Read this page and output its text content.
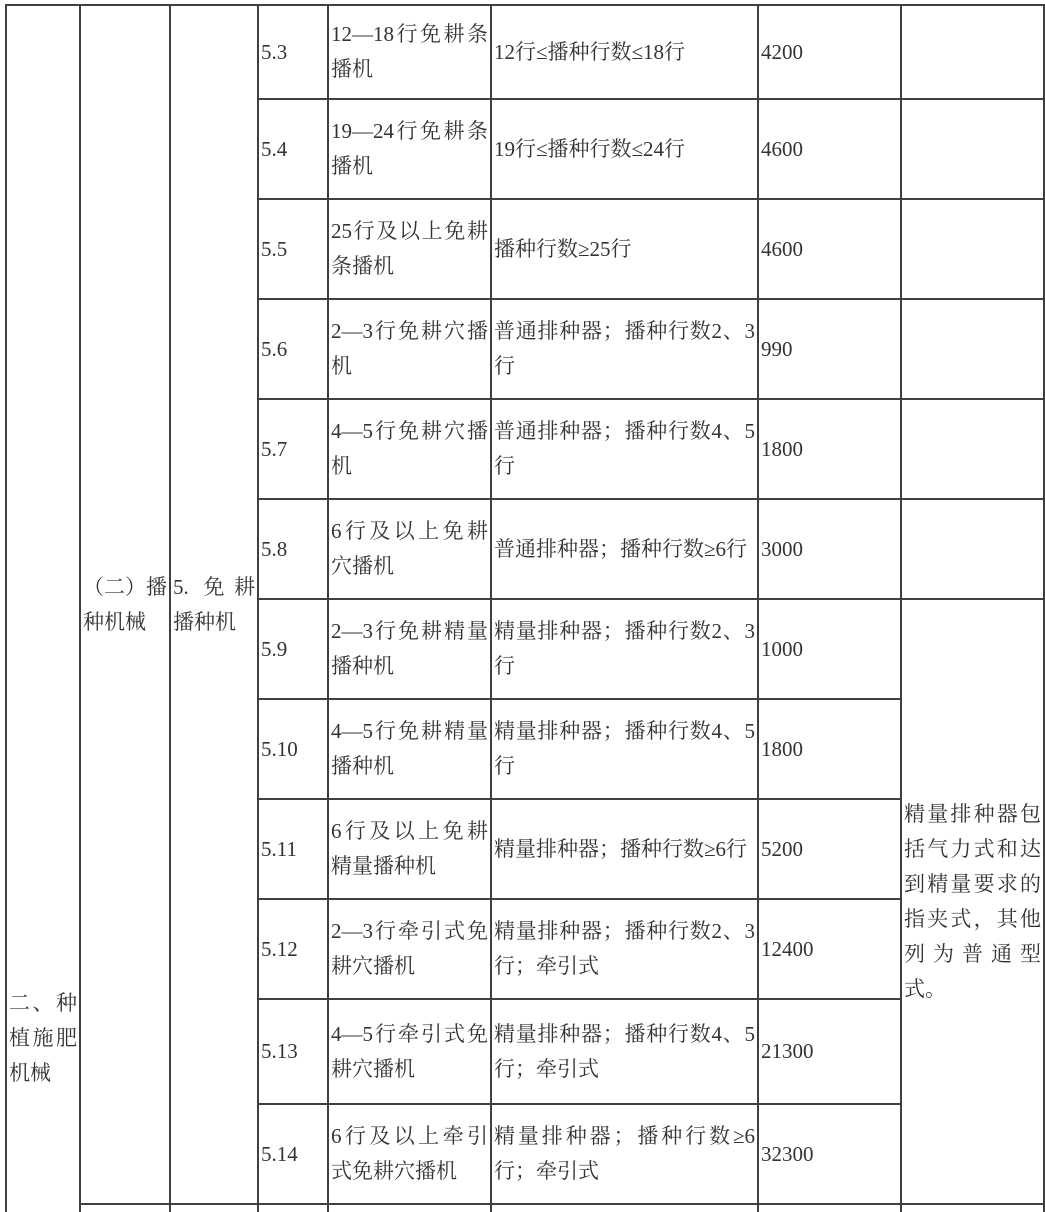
二、种植施肥机械	（二）播种机械	5. 免耕播种机	5.3	12—18行免耕条播机	12行≤播种行数≤18行	4200	
			5.4	19—24行免耕条播机	19行≤播种行数≤24行	4600	
			5.5	25行及以上免耕条播机	播种行数≥25行	4600	
			5.6	2—3行免耕穴播机	普通排种器；播种行数2、3行	990	
			5.7	4—5行免耕穴播机	普通排种器；播种行数4、5行	1800	
			5.8	6行及以上免耕穴播机	普通排种器；播种行数≥6行	3000	
			5.9	2—3行免耕精量播种机	精量排种器；播种行数2、3行	1000	精量排种器包括气力式和达到精量要求的指夹式，其他列为普通型式。
			5.10	4—5行免耕精量播种机	精量排种器；播种行数4、5行	1800	
			5.11	6行及以上免耕精量播种机	精量排种器；播种行数≥6行	5200	
			5.12	2—3行牵引式免耕穴播机	精量排种器；播种行数2、3行；牵引式	12400	
			5.13	4—5行牵引式免耕穴播机	精量排种器；播种行数4、5行；牵引式	21300	
			5.14	6行及以上牵引式免耕穴播机	精量排种器；播种行数≥6行；牵引式	32300	
